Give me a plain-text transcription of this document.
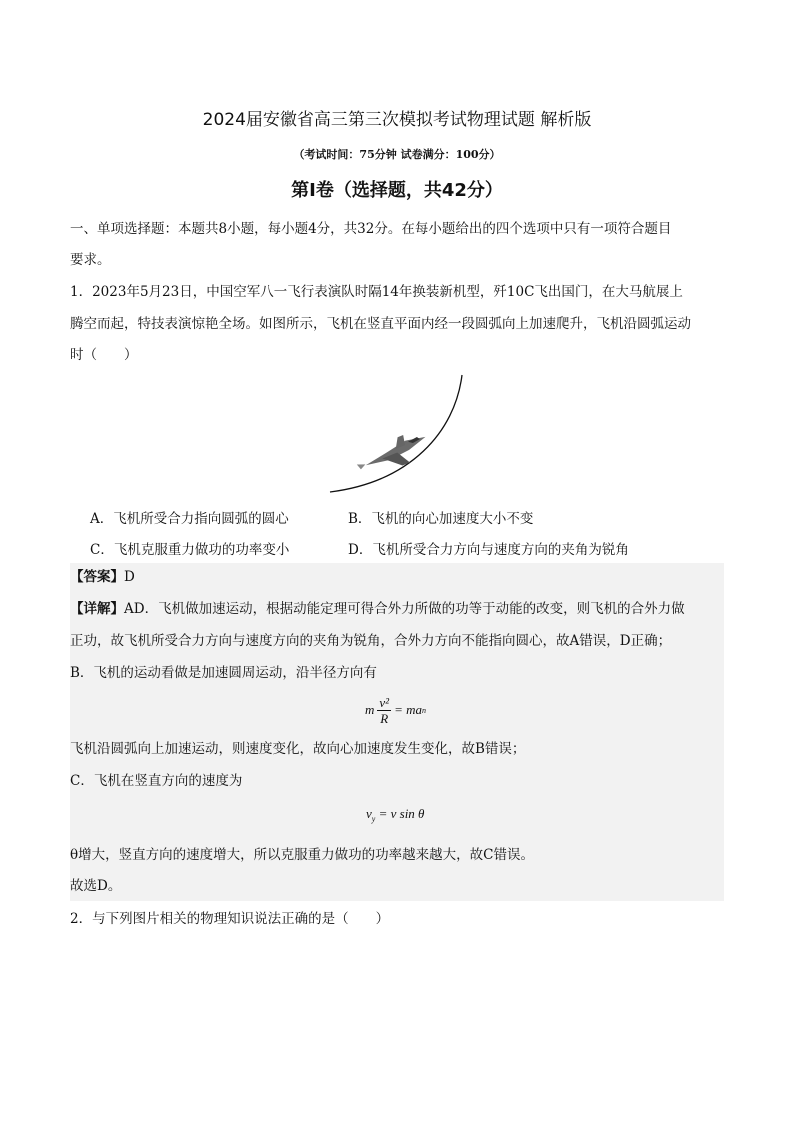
2024届安徽省高三第三次模拟考试物理试题 解析版
（考试时间：75分钟 试卷满分：100分）
第Ⅰ卷（选择题，共42分）
一、单项选择题：本题共8小题，每小题4分，共32分。在每小题给出的四个选项中只有一项符合题目
要求。
1．2023年5月23日，中国空军八一飞行表演队时隔14年换装新机型，歼10C飞出国门，在大马航展上
腾空而起，特技表演惊艳全场。如图所示，飞机在竖直平面内经一段圆弧向上加速爬升，飞机沿圆弧运动
时（　　）
A．飞机所受合力指向圆弧的圆心	B．飞机的向心加速度大小不变
C．飞机克服重力做功的功率变小	D．飞机所受合力方向与速度方向的夹角为锐角
【答案】D
【详解】AD．飞机做加速运动，根据动能定理可得合外力所做的功等于动能的改变，则飞机的合外力做
正功，故飞机所受合力方向与速度方向的夹角为锐角，合外力方向不能指向圆心，故A错误，D正确；
B．飞机的运动看做是加速圆周运动，沿半径方向有
m $\frac{\text{v²}}{R}$ = ma n
飞机沿圆弧向上加速运动，则速度变化，故向心加速度发生变化，故B错误；
C．飞机在竖直方向的速度为
$v_y = v$ sin θ
θ增大，竖直方向的速度增大，所以克服重力做功的功率越来越大，故C错误。
故选D。
2．与下列图片相关的物理知识说法正确的是（　　）
